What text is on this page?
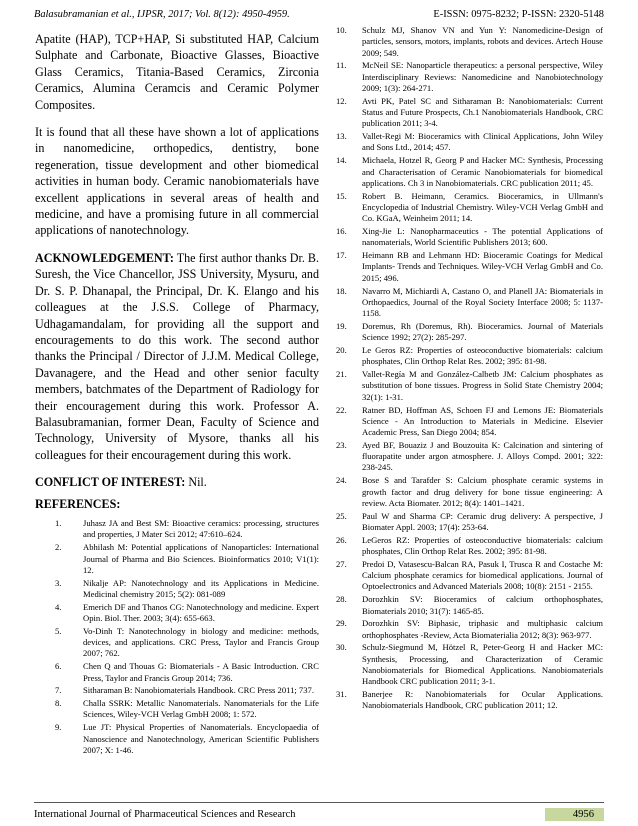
Balasubramanian et al., IJPSR, 2017; Vol. 8(12): 4950-4959.	E-ISSN: 0975-8232; P-ISSN: 2320-5148

Apatite (HAP), TCP+HAP, Si substituted HAP, Calcium Sulphate and Carbonate, Bioactive Glasses, Bioactive Glass Ceramics, Titania-Based Ceramics, Zirconia Ceramics, Alumina Ceramcis and Ceramic Polymer Composites.

It is found that all these have shown a lot of applications in nanomedicine, orthopedics, dentistry, bone regeneration, tissue development and other biomedical activities in human body. Ceramic nanobiomaterials have excellent applications in several areas of health and medicine, and have a promising future in all commercial applications of nanotechnology.

ACKNOWLEDGEMENT: The first author thanks Dr. B. Suresh, the Vice Chancellor, JSS University, Mysuru, and Dr. S. P. Dhanapal, the Principal, Dr. K. Elango and his colleagues at the J.S.S. College of Pharmacy, Udhagamandalam, for providing all the support and encouragements to do this work. The second author thanks the Principal / Director of J.J.M. Medical College, Davanagere, and the Head and other senior faculty members, batchmates of the Department of Radiology for their encouragement during this work. Professor A. Balasubramanian, former Dean, Faculty of Science and Technology, University of Mysore, thanks all his colleagues for their encouragement during this work.

CONFLICT OF INTEREST: Nil.

REFERENCES:

1.	Juhasz JA and Best SM: Bioactive ceramics: processing, structures and properties, J Mater Sci 2012; 47:610–624.
2.	Abhilash M: Potential applications of Nanoparticles: International Journal of Pharma and Bio Sciences. Bioinformatics 2010; V1(1): 12.
3.	Nikalje AP: Nanotechnology and its Applications in Medicine. Medicinal chemistry 2015; 5(2): 081-089
4.	Emerich DF and Thanos CG: Nanotechnology and medicine. Expert Opin. Biol. Ther. 2003; 3(4): 655-663.
5.	Vo-Dinh T: Nanotechnology in biology and medicine: methods, devices, and applications. CRC Press, Taylor and Francis Group 2007; 762.
6.	Chen Q and Thouas G: Biomaterials - A Basic Introduction. CRC Press, Taylor and Francis Group 2014; 736.
7.	Sitharaman B: Nanobiomaterials Handbook. CRC Press 2011; 737.
8.	Challa SSRK: Metallic Nanomaterials. Nanomaterials for the Life Sciences, Wiley-VCH Verlag GmbH 2008; 1: 572.
9.	Lue JT: Physical Properties of Nanomaterials. Encyclopaedia of Nanoscience and Nanotechnology, American Scientific Publishers 2007; X: 1-46.
10.	Schulz MJ, Shanov VN and Yun Y: Nanomedicine-Design of particles, sensors, motors, implants, robots and devices. Artech House 2009; 549.
11.	McNeil SE: Nanoparticle therapeutics: a personal perspective, Wiley Interdisciplinary Reviews: Nanomedicine and Nanobiotechnology 2009; 1(3): 264-271.
12.	Avti PK, Patel SC and Sitharaman B: Nanobiomaterials: Current Status and Future Prospects, Ch.1 Nanobiomaterials Handbook, CRC publication 2011; 3-4.
13.	Vallet-Regi M: Bioceramics with Clinical Applications, John Wiley and Sons Ltd., 2014; 457.
14.	Michaela, Hotzel R, Georg P and Hacker MC: Synthesis, Processing and Characterisation of Ceramic Nanobiomaterials for biomedical applications. Ch 3 in Nanobiomaterials. CRC publication 2011; 45.
15.	Robert B. Heimann, Ceramics. Bioceramics, in Ullmann's Encyclopedia of Industrial Chemistry. Wiley-VCH Verlag GmbH and Co. KGaA, Weinheim 2011; 14.
16.	Xing-Jie L: Nanopharmaceutics - The potential Applications of nanomaterials, World Scientific Publishers 2013; 600.
17.	Heimann RB and Lehmann HD: Bioceramic Coatings for Medical Implants- Trends and Techniques. Wiley-VCH Verlag GmbH and Co. 2015; 496.
18.	Navarro M, Michiardi A, Castano O, and Planell JA: Biomaterials in Orthopaedics, Journal of the Royal Society Interface 2008; 5: 1137-1158.
19.	Doremus, Rh (Doremus, Rh). Bioceramics. Journal of Materials Science 1992; 27(2): 285-297.
20.	Le Geros RZ: Properties of osteoconductive biomaterials: calcium phosphates, Clin Orthop Relat Res. 2002; 395: 81-98.
21.	Vallet-Regía M and González-Calbetb JM: Calcium phosphates as substitution of bone tissues. Progress in Solid State Chemistry 2004; 32(1): 1-31.
22.	Ratner BD, Hoffman AS, Schoen FJ and Lemons JE: Biomaterials Science - An Introduction to Materials in Medicine. Elsevier Academic Press, San Diego 2004; 854.
23.	Ayed BF, Bouaziz J and Bouzouita K: Calcination and sintering of fluorapatite under argon atmosphere. J. Alloys Compd. 2001; 322: 238-245.
24.	Bose S and Tarafder S: Calcium phosphate ceramic systems in growth factor and drug delivery for bone tissue engineering: A review. Acta Biomater. 2012; 8(4): 1401–1421.
25.	Paul W and Sharma CP: Ceramic drug delivery: A perspective, J Biomater Appl. 2003; 17(4): 253-64.
26.	LeGeros RZ: Properties of osteoconductive biomaterials: calcium phosphates, Clin Orthop Relat Res. 2002; 395: 81-98.
27.	Predoi D, Vatasescu-Balcan RA, Pasuk I, Trusca R and Costache M: Calcium phosphate ceramics for biomedical applications. Journal of Optoelectronics and Advanced Materials 2008; 10(8): 2151 - 2155.
28.	Dorozhkin SV: Bioceramics of calcium orthophosphates, Biomaterials 2010; 31(7): 1465-85.
29.	Dorozhkin SV: Biphasic, triphasic and multiphasic calcium orthophosphates -Review, Acta Biomaterialia 2012; 8(3): 963-977.
30.	Schulz-Siegmund M, Hötzel R, Peter-Georg H and Hacker MC: Synthesis, Processing, and Characterization of Ceramic Nanobiomaterials for Biomedical Applications. Nanobiomaterials Handbook CRC publication 2011; 3-1.
31.	Banerjee R: Nanobiomaterials for Ocular Applications. Nanobiomaterials Handbook, CRC publication 2011; 12.
International Journal of Pharmaceutical Sciences and Research	4956
